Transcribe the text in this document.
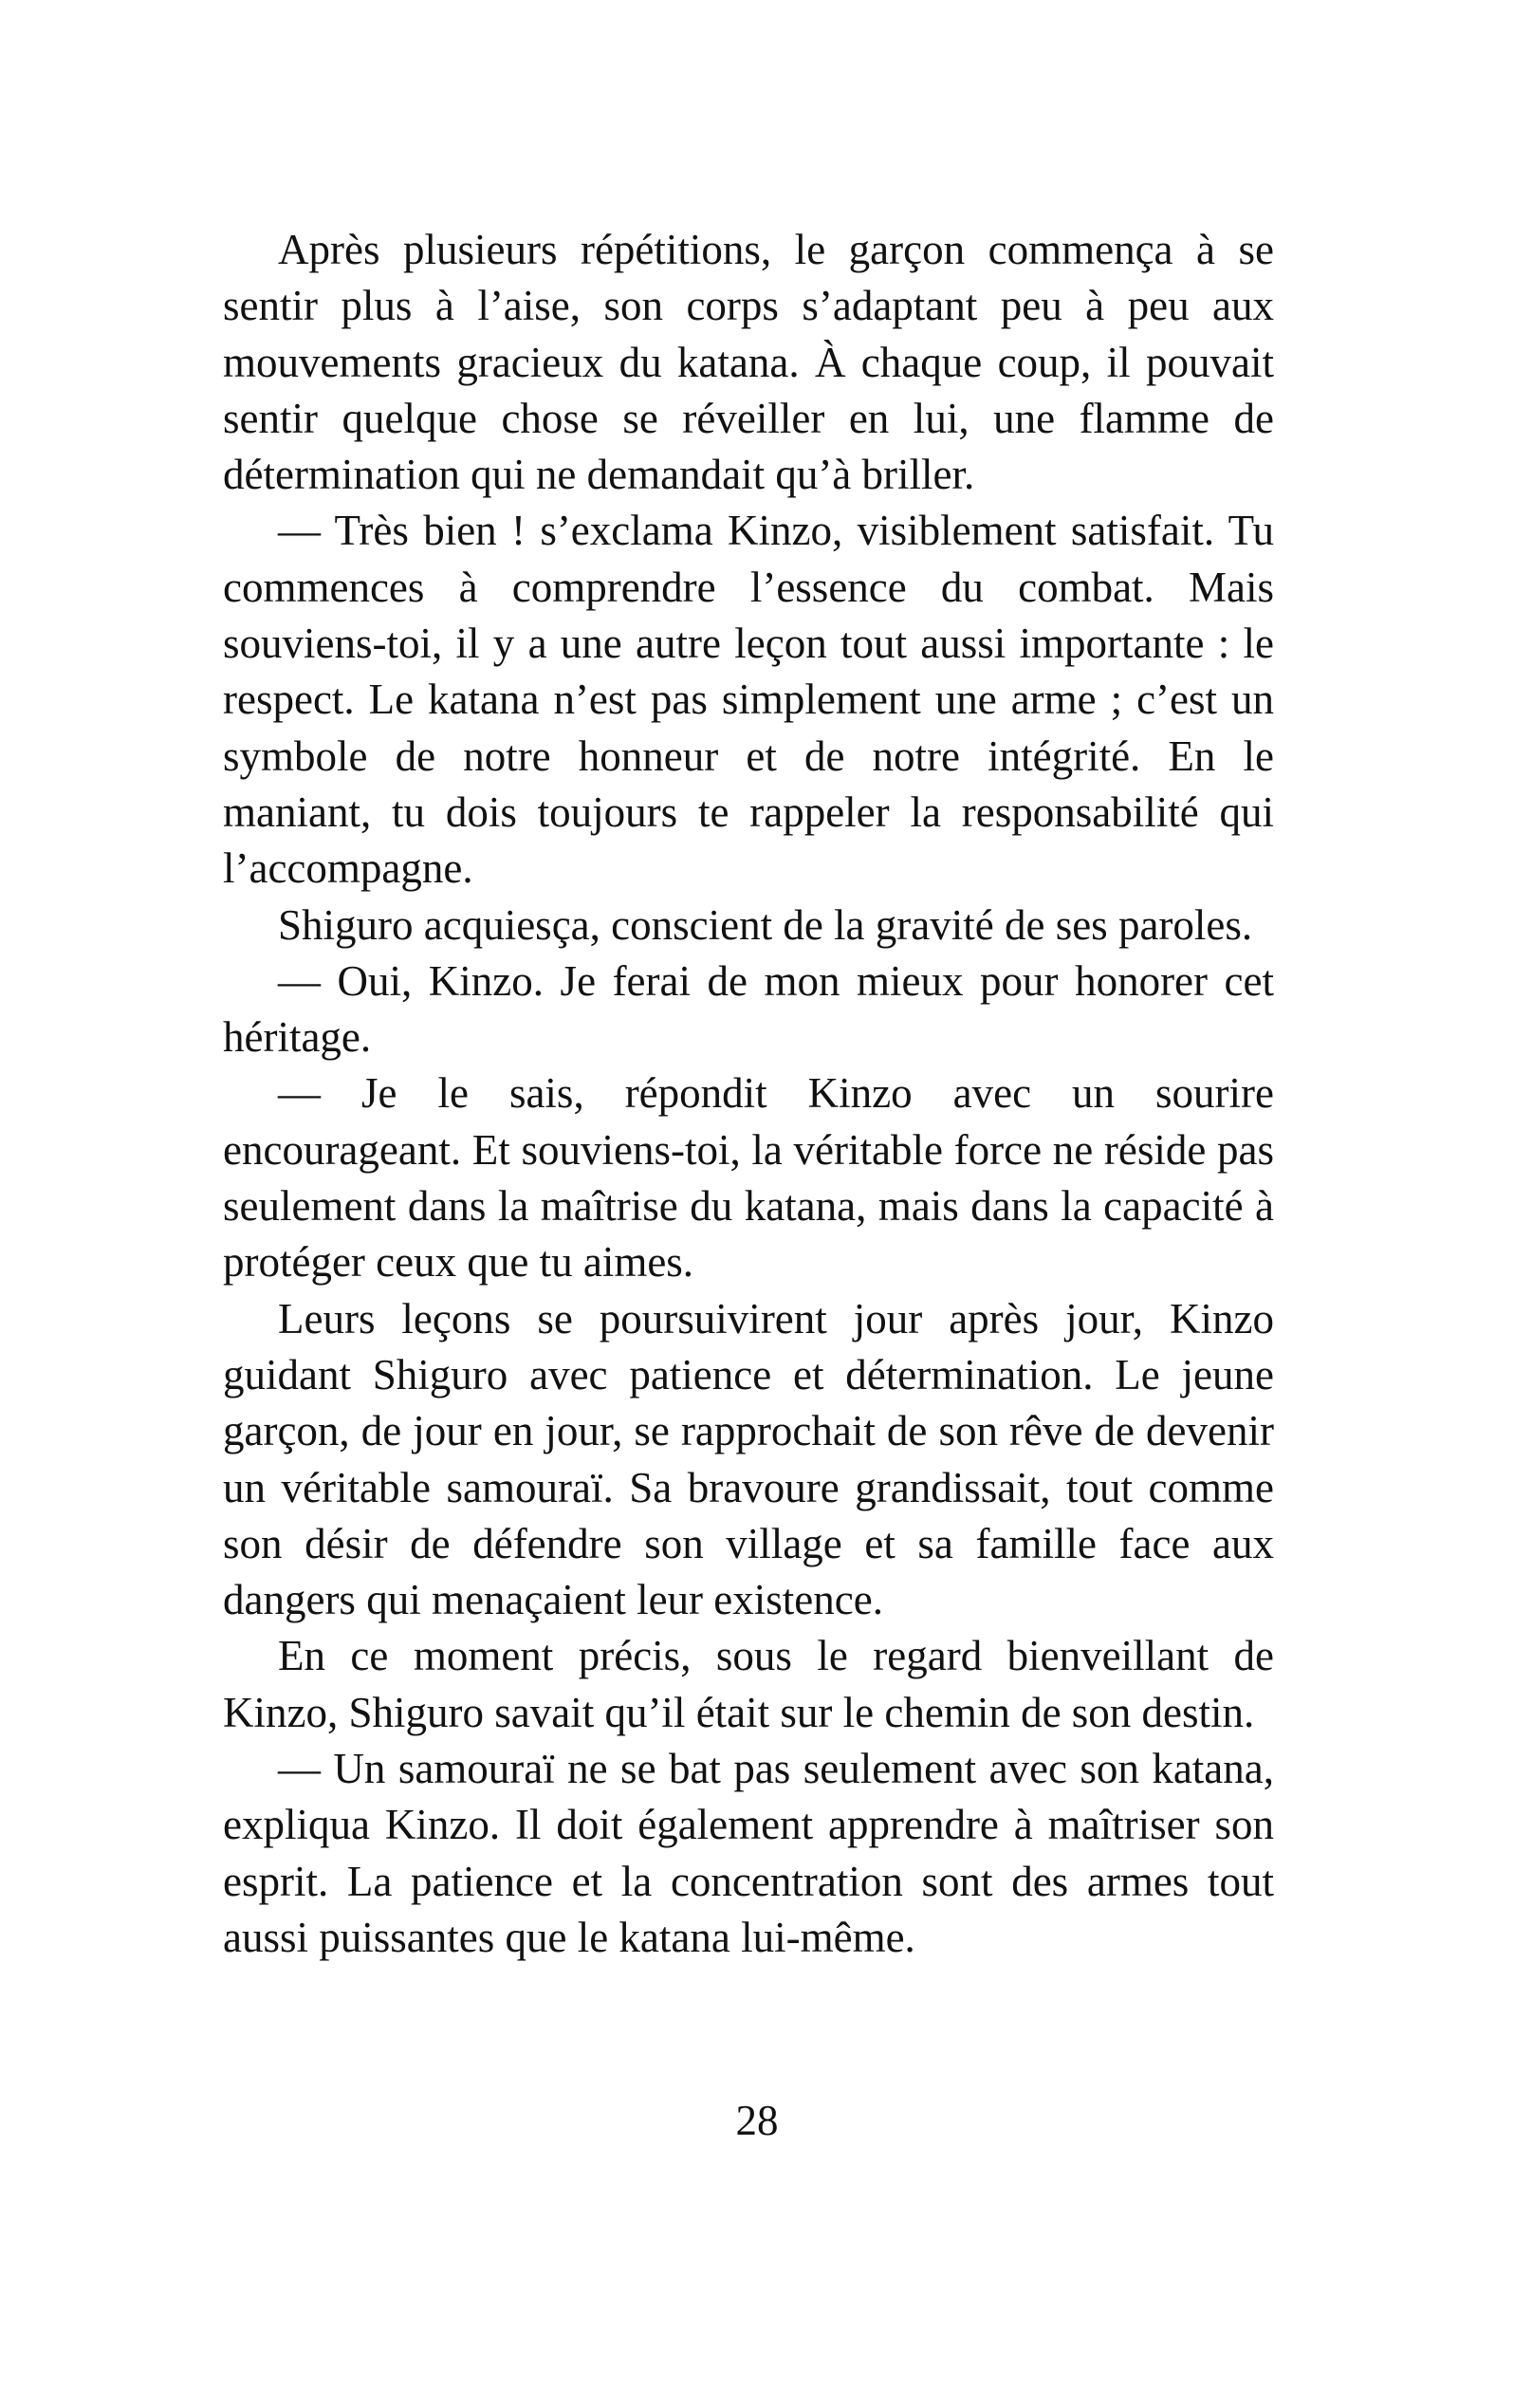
Après plusieurs répétitions, le garçon commença à se sentir plus à l’aise, son corps s’adaptant peu à peu aux mouvements gracieux du katana. À chaque coup, il pouvait sentir quelque chose se réveiller en lui, une flamme de détermination qui ne demandait qu’à briller.

— Très bien ! s’exclama Kinzo, visiblement satisfait. Tu commences à comprendre l’essence du combat. Mais souviens-toi, il y a une autre leçon tout aussi importante : le respect. Le katana n’est pas simplement une arme ; c’est un symbole de notre honneur et de notre intégrité. En le maniant, tu dois toujours te rappeler la responsabilité qui l’accompagne.

Shiguro acquiesça, conscient de la gravité de ses paroles.

— Oui, Kinzo. Je ferai de mon mieux pour honorer cet héritage.

— Je le sais, répondit Kinzo avec un sourire encourageant. Et souviens-toi, la véritable force ne réside pas seulement dans la maîtrise du katana, mais dans la capacité à protéger ceux que tu aimes.

Leurs leçons se poursuivirent jour après jour, Kinzo guidant Shiguro avec patience et détermination. Le jeune garçon, de jour en jour, se rapprochait de son rêve de devenir un véritable samouraï. Sa bravoure grandissait, tout comme son désir de défendre son village et sa famille face aux dangers qui menaçaient leur existence.

En ce moment précis, sous le regard bienveillant de Kinzo, Shiguro savait qu’il était sur le chemin de son destin.

— Un samouraï ne se bat pas seulement avec son katana, expliqua Kinzo. Il doit également apprendre à maîtriser son esprit. La patience et la concentration sont des armes tout aussi puissantes que le katana lui-même.

28
